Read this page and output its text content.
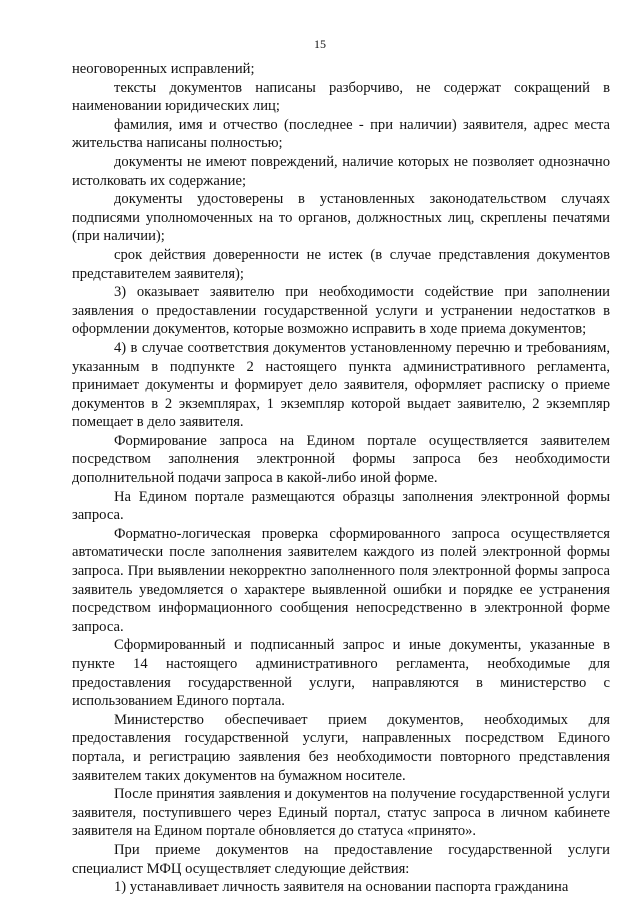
15

неоговоренных исправлений;

тексты документов написаны разборчиво, не содержат сокращений в наименовании юридических лиц;

фамилия, имя и отчество (последнее - при наличии) заявителя, адрес места жительства написаны полностью;

документы не имеют повреждений, наличие которых не позволяет однозначно истолковать их содержание;

документы удостоверены в установленных законодательством случаях подписями уполномоченных на то органов, должностных лиц, скреплены печатями (при наличии);

срок действия доверенности не истек (в случае представления документов представителем заявителя);

3) оказывает заявителю при необходимости содействие при заполнении заявления о предоставлении государственной услуги и устранении недостатков в оформлении документов, которые возможно исправить в ходе приема документов;

4) в случае соответствия документов установленному перечню и требованиям, указанным в подпункте 2 настоящего пункта административного регламента, принимает документы и формирует дело заявителя, оформляет расписку о приеме документов в 2 экземплярах, 1 экземпляр которой выдает заявителю, 2 экземпляр помещает в дело заявителя.

Формирование запроса на Едином портале осуществляется заявителем посредством заполнения электронной формы запроса без необходимости дополнительной подачи запроса в какой-либо иной форме.

На Едином портале размещаются образцы заполнения электронной формы запроса.

Форматно-логическая проверка сформированного запроса осуществляется автоматически после заполнения заявителем каждого из полей электронной формы запроса. При выявлении некорректно заполненного поля электронной формы запроса заявитель уведомляется о характере выявленной ошибки и порядке ее устранения посредством информационного сообщения непосредственно в электронной форме запроса.

Сформированный и подписанный запрос и иные документы, указанные в пункте 14 настоящего административного регламента, необходимые для предоставления государственной услуги, направляются в министерство с использованием Единого портала.

Министерство обеспечивает прием документов, необходимых для предоставления государственной услуги, направленных посредством Единого портала, и регистрацию заявления без необходимости повторного представления заявителем таких документов на бумажном носителе.

После принятия заявления и документов на получение государственной услуги заявителя, поступившего через Единый портал, статус запроса в личном кабинете заявителя на Едином портале обновляется до статуса «принято».

При приеме документов на предоставление государственной услуги специалист МФЦ осуществляет следующие действия:

1) устанавливает личность заявителя на основании паспорта гражданина
